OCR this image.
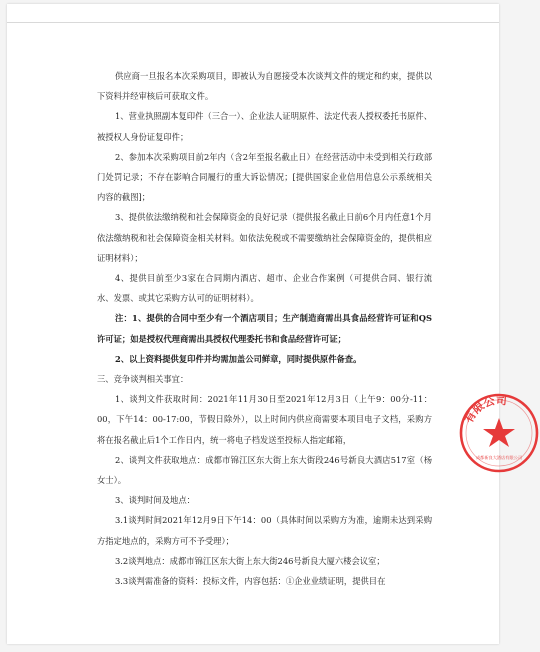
供应商一旦报名本次采购项目，即被认为自愿接受本次谈判文件的规定和约束，提供以下资料并经审核后可获取文件。

1、营业执照副本复印件（三合一）、企业法人证明原件、法定代表人授权委托书原件、被授权人身份证复印件；

2、参加本次采购项目前2年内（含2年至报名截止日）在经营活动中未受到相关行政部门处罚记录；不存在影响合同履行的重大诉讼情况；[提供国家企业信用信息公示系统相关内容的截图]；

3、提供依法缴纳税和社会保障资金的良好记录（提供报名截止日前6个月内任意1个月依法缴纳税和社会保障资金相关材料。如依法免税或不需要缴纳社会保障资金的，提供相应证明材料）；

4、提供目前至少3家在合同期内酒店、超市、企业合作案例（可提供合同、银行流水、发票、或其它采购方认可的证明材料）。

注：1、提供的合同中至少有一个酒店项目；生产制造商需出具食品经营许可证和QS许可证；如是授权代理商需出具授权代理委托书和食品经营许可证；

2、以上资料提供复印件并均需加盖公司鲜章，同时提供原件备查。

三、竞争谈判相关事宜：

1、谈判文件获取时间：2021年11月30日至2021年12月3日（上午9：00分-11：00，下午14：00-17:00，节假日除外），以上时间内供应商需要本项目电子文档，采购方将在报名截止后1个工作日内，统一将电子档发送至投标人指定邮箱，

2、谈判文件获取地点：成都市锦江区东大街上东大街段246号新良大酒店517室（杨女士）。

3、谈判时间及地点：

3.1谈判时间2021年12月9日下午14：00（具体时间以采购方为准，逾期未达到采购方指定地点的，采购方可不予受理）；

3.2谈判地点：成都市锦江区东大街上东大街246号新良大厦六楼会议室；

3.3谈判需准备的资料：投标文件，内容包括：①企业业绩证明，提供目在

有限公司
成都新良大酒店有限公司
